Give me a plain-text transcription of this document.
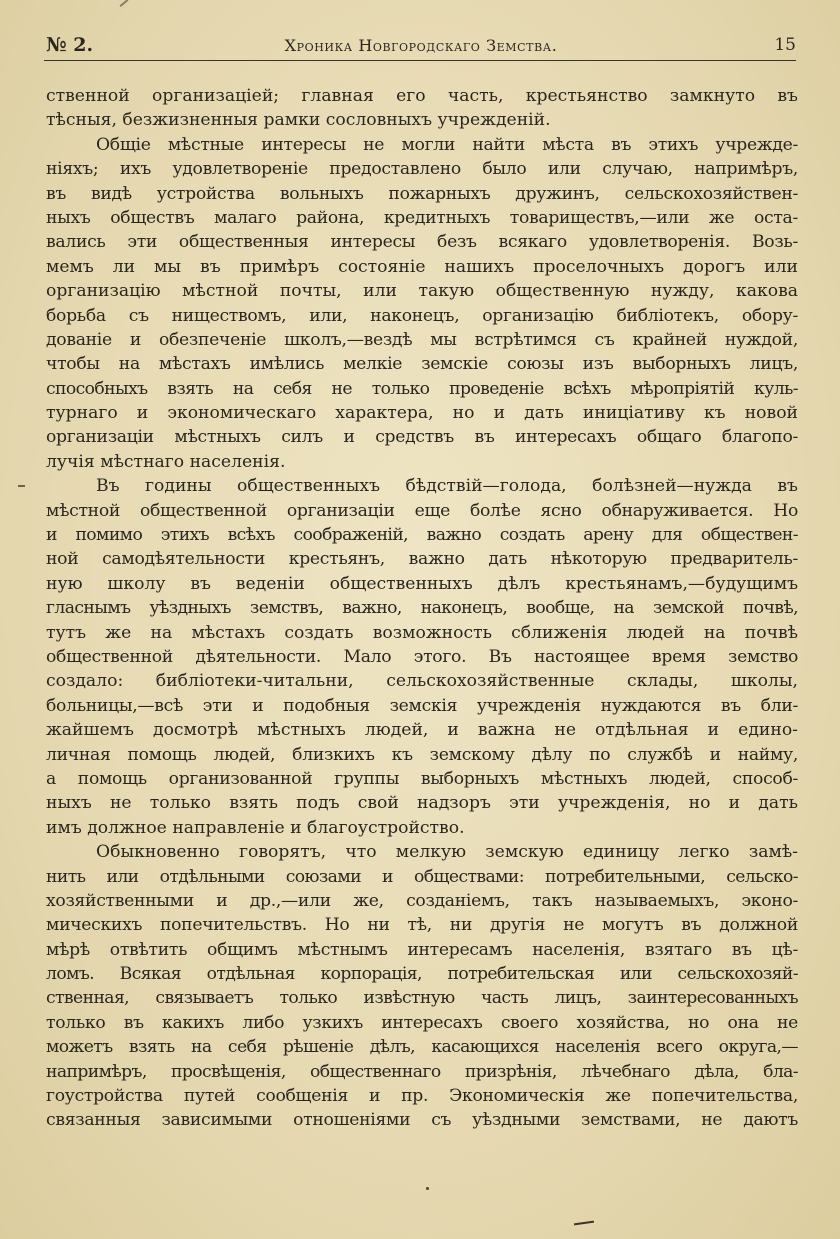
№ 2.	Хроника Новгородскаго Земства.	15
ственной организаціей; главная его часть, крестьянство замкнуто въ
тѣсныя, безжизненныя рамки сословныхъ учрежденій.
Общіе мѣстные интересы не могли найти мѣста въ этихъ учрежде-
ніяхъ; ихъ удовлетвореніе предоставлено было или случаю, напримѣръ,
въ видѣ устройства вольныхъ пожарныхъ дружинъ, сельскохозяйствен-
ныхъ обществъ малаго района, кредитныхъ товариществъ,—или же оста-
вались эти общественныя интересы безъ всякаго удовлетворенія. Возь-
мемъ ли мы въ примѣръ состояніе нашихъ проселочныхъ дорогъ или
организацію мѣстной почты, или такую общественную нужду, какова
борьба съ ниществомъ, или, наконецъ, организацію библіотекъ, обору-
дованіе и обезпеченіе школъ,—вездѣ мы встрѣтимся съ крайней нуждой,
чтобы на мѣстахъ имѣлись мелкіе земскіе союзы изъ выборныхъ лицъ,
способныхъ взять на себя не только проведеніе всѣхъ мѣропріятій куль-
турнаго и экономическаго характера, но и дать иниціативу къ новой
организаціи мѣстныхъ силъ и средствъ въ интересахъ общаго благопо-
лучія мѣстнаго населенія.
Въ годины общественныхъ бѣдствій—голода, болѣзней—нужда въ
мѣстной общественной организаціи еще болѣе ясно обнаруживается. Но
и помимо этихъ всѣхъ соображеній, важно создать арену для обществен-
ной самодѣятельности крестьянъ, важно дать нѣкоторую предваритель-
ную школу въ веденіи общественныхъ дѣлъ крестьянамъ,—будущимъ
гласнымъ уѣздныхъ земствъ, важно, наконецъ, вообще, на земской почвѣ,
тутъ же на мѣстахъ создать возможность сближенія людей на почвѣ
общественной дѣятельности. Мало этого. Въ настоящее время земство
создало: библіотеки-читальни, сельскохозяйственные склады, школы,
больницы,—всѣ эти и подобныя земскія учрежденія нуждаются въ бли-
жайшемъ досмотрѣ мѣстныхъ людей, и важна не отдѣльная и едино-
личная помощь людей, близкихъ къ земскому дѣлу по службѣ и найму,
а помощь организованной группы выборныхъ мѣстныхъ людей, способ-
ныхъ не только взять подъ свой надзоръ эти учрежденія, но и дать
имъ должное направленіе и благоустройство.
Обыкновенно говорятъ, что мелкую земскую единицу легко замѣ-
нить или отдѣльными союзами и обществами: потребительными, сельско-
хозяйственными и др.,—или же, созданіемъ, такъ называемыхъ, эконо-
мическихъ попечительствъ. Но ни тѣ, ни другія не могутъ въ должной
мѣрѣ отвѣтить общимъ мѣстнымъ интересамъ населенія, взятаго въ цѣ-
ломъ. Всякая отдѣльная корпорація, потребительская или сельскохозяй-
ственная, связываетъ только извѣстную часть лицъ, заинтересованныхъ
только въ какихъ либо узкихъ интересахъ своего хозяйства, но она не
можетъ взять на себя рѣшеніе дѣлъ, касающихся населенія всего округа,—
напримѣръ, просвѣщенія, общественнаго призрѣнія, лѣчебнаго дѣла, бла-
гоустройства путей сообщенія и пр. Экономическія же попечительства,
связанныя зависимыми отношеніями съ уѣздными земствами, не даютъ
